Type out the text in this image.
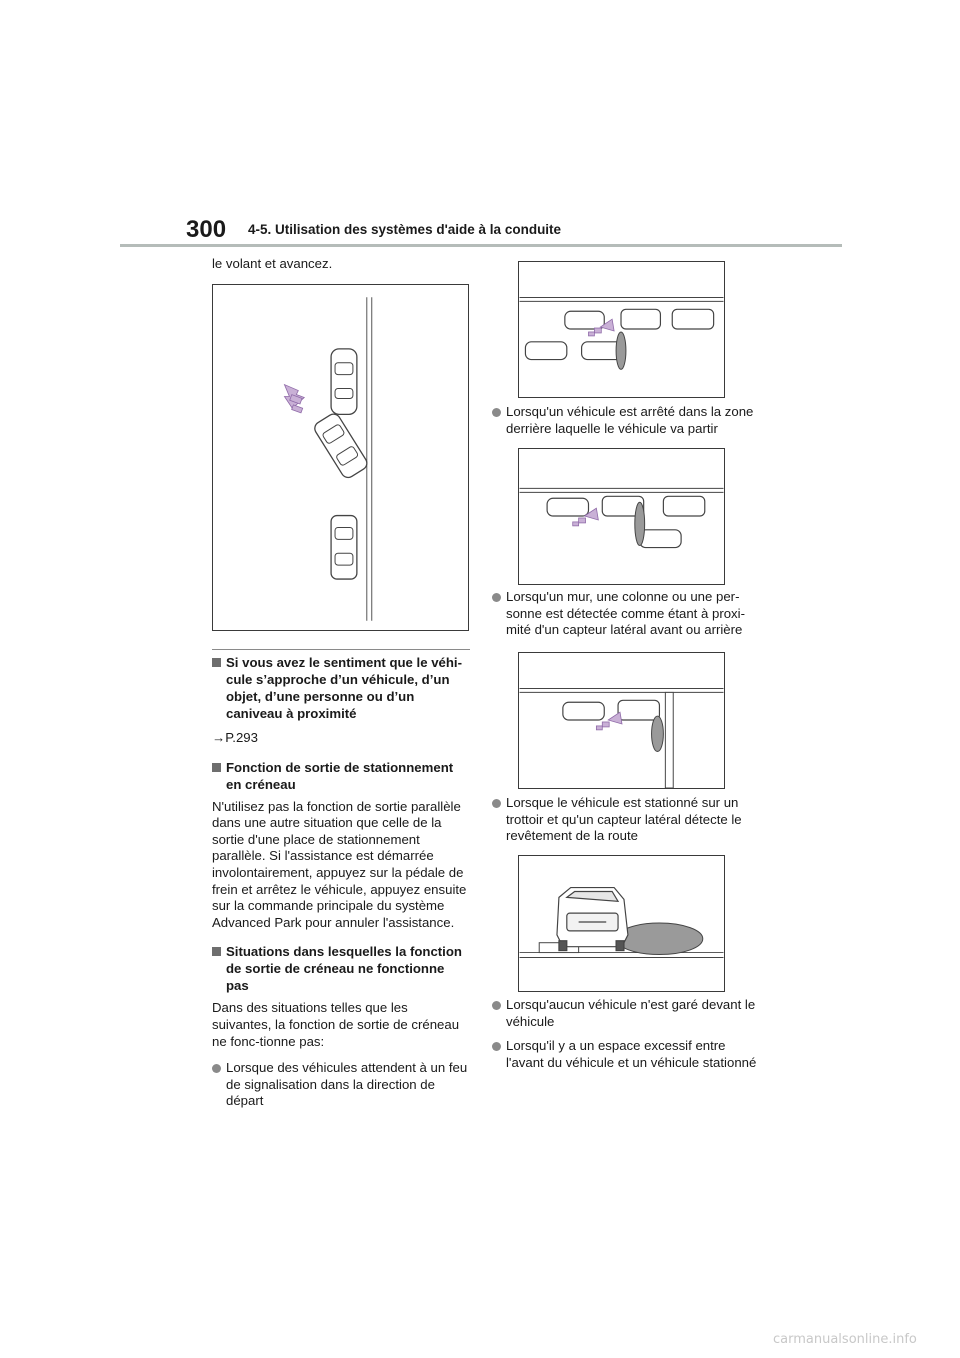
300 4-5. Utilisation des systèmes d'aide à la conduite

le volant et avancez.

Si vous avez le sentiment que le véhi-cule s’approche d’un véhicule, d’un objet, d’une personne ou d’un caniveau à proximité

→P.293

Fonction de sortie de stationnement en créneau

N'utilisez pas la fonction de sortie parallèle dans une autre situation que celle de la sortie d'une place de stationnement parallèle. Si l'assistance est démarrée involontairement, appuyez sur la pédale de frein et arrêtez le véhicule, appuyez ensuite sur la commande principale du système Advanced Park pour annuler l'assistance.

Situations dans lesquelles la fonction de sortie de créneau ne fonctionne pas

Dans des situations telles que les suivantes, la fonction de sortie de créneau ne fonc-tionne pas:

Lorsque des véhicules attendent à un feu de signalisation dans la direction de départ
Lorsqu'un véhicule est arrêté dans la zone derrière laquelle le véhicule va partir
Lorsqu'un mur, une colonne ou une per-sonne est détectée comme étant à proxi-mité d'un capteur latéral avant ou arrière
Lorsque le véhicule est stationné sur un trottoir et qu'un capteur latéral détecte le revêtement de la route
Lorsqu'aucun véhicule n'est garé devant le véhicule
Lorsqu'il y a un espace excessif entre l'avant du véhicule et un véhicule stationné
carmanualsonline.info
